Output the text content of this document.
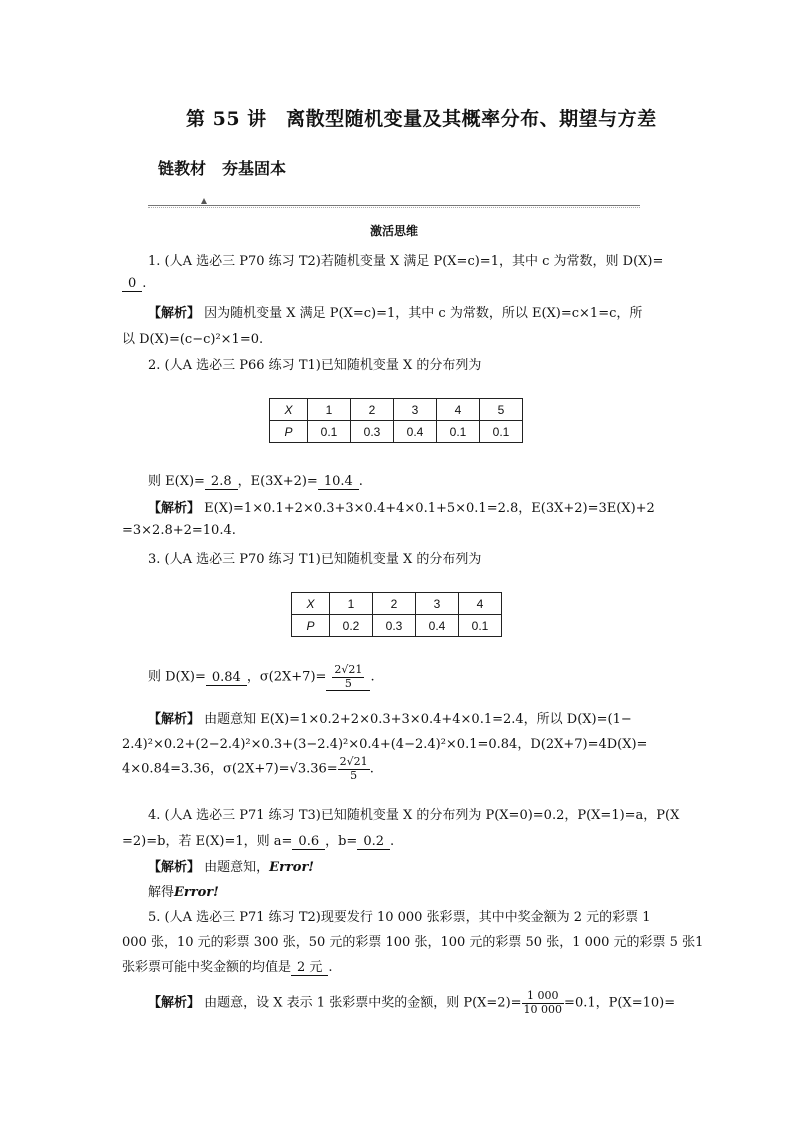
第 55 讲　离散型随机变量及其概率分布、期望与方差
链教材　夯基固本
激活思维
1. (人A 选必三 P70 练习 T2)若随机变量 X 满足 P(X=c)=1，其中 c 为常数，则 D(X)=
0 .
【解析】 因为随机变量 X 满足 P(X=c)=1，其中 c 为常数，所以 E(X)=c×1=c，所
以 D(X)=(c−c)²×1=0.
2. (人A 选必三 P66 练习 T1)已知随机变量 X 的分布列为
X	1	2	3	4	5
P	0.1	0.3	0.4	0.1	0.1
则 E(X)= 2.8 ，E(3X+2)= 10.4 .
【解析】 E(X)=1×0.1+2×0.3+3×0.4+4×0.1+5×0.1=2.8，E(3X+2)=3E(X)+2
=3×2.8+2=10.4.
3. (人A 选必三 P70 练习 T1)已知随机变量 X 的分布列为
X	1	2	3	4
P	0.2	0.3	0.4	0.1
则 D(X)= 0.84 ，$\sigma(2X+7)= \frac{2√21}{5}$ .
【解析】 由题意知 E(X)=1×0.2+2×0.3+3×0.4+4×0.1=2.4，所以 D(X)=(1−
2.4)²×0.2+(2−2.4)²×0.3+(3−2.4)²×0.4+(4−2.4)²×0.1=0.84，D(2X+7)=4D(X)=
4×0.84=3.36，$\sigma(2X+7)=√3.36= \frac{2√21}{5}$ .
4. (人A 选必三 P71 练习 T3)已知随机变量 X 的分布列为 P(X=0)=0.2，P(X=1)=a，P(X
=2)=b，若 E(X)=1，则 a= 0.6 ，b= 0.2 .
【解析】 由题意知，Error!
解得Error!
5. (人A 选必三 P71 练习 T2)现要发行 10 000 张彩票，其中中奖金额为 2 元的彩票 1
000 张，10 元的彩票 300 张，50 元的彩票 100 张，100 元的彩票 50 张，1 000 元的彩票 5 张1
张彩票可能中奖金额的均值是 2 元 .
【解析】 由题意，设 X 表示 1 张彩票中奖的金额，则 $P(X=2)= \frac{1 000}{10 000} =0.1$，P(X=10)=
